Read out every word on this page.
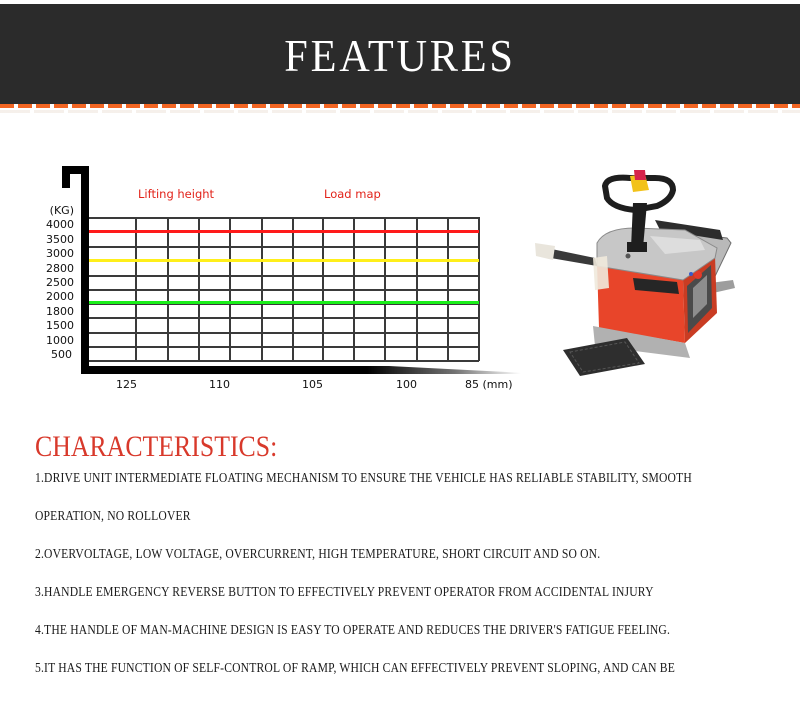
FEATURES
Lifting height	Load map
(KG)
4000
3500
3000
2800
2500
2000
1800
1500
1000
500
125	110	105	100	85 (mm)
CHARACTERISTICS:
1.DRIVE UNIT INTERMEDIATE FLOATING MECHANISM TO ENSURE THE VEHICLE HAS RELIABLE STABILITY, SMOOTH
OPERATION, NO ROLLOVER
2.OVERVOLTAGE, LOW VOLTAGE, OVERCURRENT, HIGH TEMPERATURE, SHORT CIRCUIT AND SO ON.
3.HANDLE EMERGENCY REVERSE BUTTON TO EFFECTIVELY PREVENT OPERATOR FROM ACCIDENTAL INJURY
4.THE HANDLE OF MAN-MACHINE DESIGN IS EASY TO OPERATE AND REDUCES THE DRIVER'S FATIGUE FEELING.
5.IT HAS THE FUNCTION OF SELF-CONTROL OF RAMP, WHICH CAN EFFECTIVELY PREVENT SLOPING, AND CAN BE
